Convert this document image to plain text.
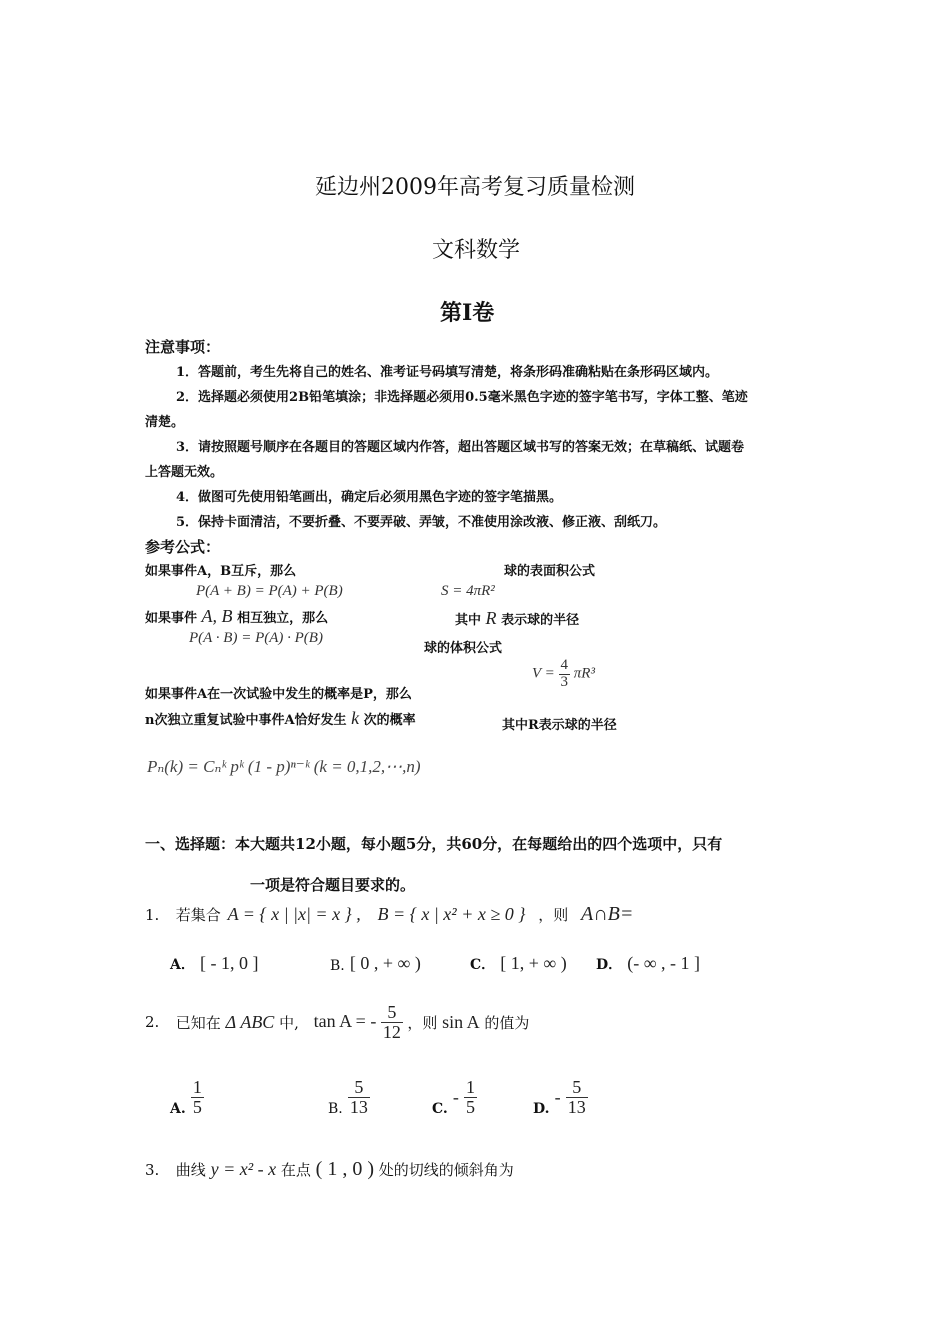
延边州2009年高考复习质量检测
文科数学
第Ⅰ卷
注意事项：
1．答题前，考生先将自己的姓名、准考证号码填写清楚，将条形码准确粘贴在条形码区域内。
2．选择题必须使用2B铅笔填涂；非选择题必须用0.5毫米黑色字迹的签字笔书写，字体工整、笔迹
清楚。
3．请按照题号顺序在各题目的答题区域内作答，超出答题区域书写的答案无效；在草稿纸、试题卷
上答题无效。
4．做图可先使用铅笔画出，确定后必须用黑色字迹的签字笔描黑。
5．保持卡面清洁，不要折叠、不要弄破、弄皱，不准使用涂改液、修正液、刮纸刀。
参考公式：
如果事件A，B互斥，那么	球的表面积公式
P(A + B) = P(A) + P(B)	S = 4πR²
如果事件 A, B 相互独立，那么	其中 R 表示球的半径
P(A · B) = P(A) · P(B)
球的体积公式
$V = \frac{4}{3} \pi R^3$
如果事件A在一次试验中发生的概率是P，那么
n次独立重复试验中事件A恰好发生 k 次的概率	其中R表示球的半径
Pₙ(k) = Cₙᵏ pᵏ (1 - p)ⁿ⁻ᵏ (k = 0,1,2,⋯,n)
一、选择题：本大题共12小题，每小题5分，共60分，在每题给出的四个选项中，只有
一项是符合题目要求的。
1. 若集合 A = { x | |x| = x } , B = { x | x² + x ≥ 0 } ，则 A∩B=
A． [ - 1, 0 ]	B. [ 0 , + ∞ )	C． [ 1, + ∞ ) D． (- ∞ , - 1 ]
2. 已知在 Δ ABC 中, tan A = - $\frac{5}{12}$ ，则 sin A 的值为
A. $\frac{1}{5}$	B. $\frac{5}{13}$	C. - $\frac{1}{5}$	D. - $\frac{5}{13}$
3. 曲线 y = x² - x 在点 ( 1 , 0 ) 处的切线的倾斜角为
